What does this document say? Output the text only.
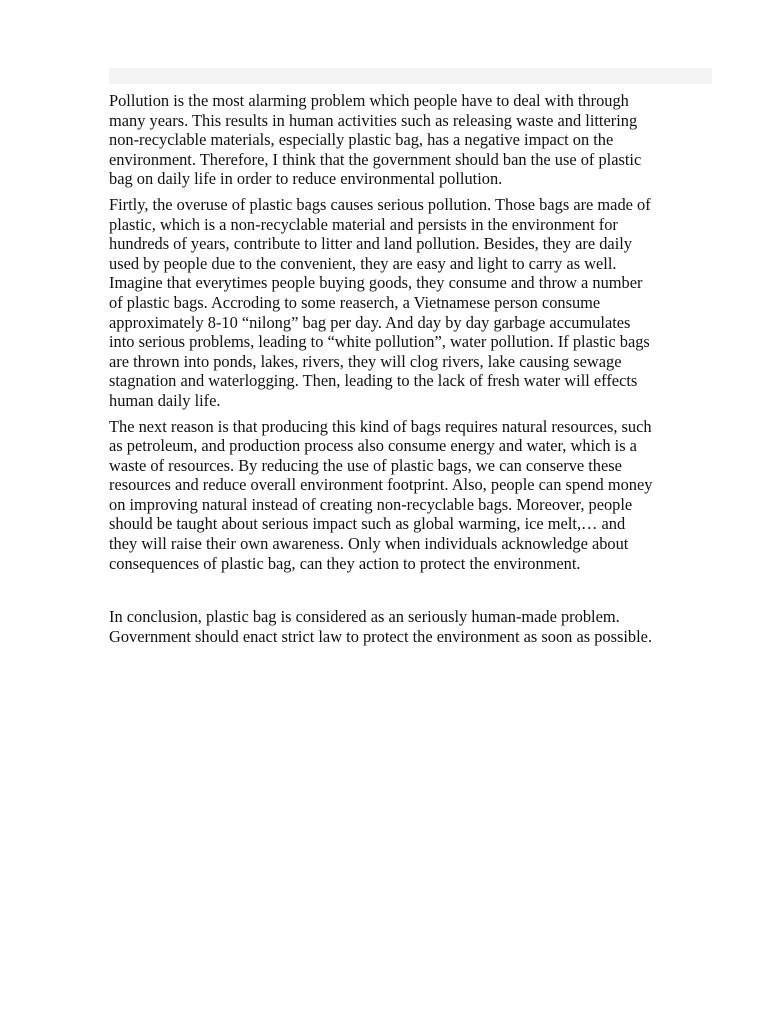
Pollution is the most alarming problem which people have to deal with through
many years. This results in human activities such as releasing waste and littering
non-recyclable materials, especially plastic bag, has a negative impact on the
environment. Therefore, I think that the government should ban the use of plastic
bag on daily life in order to reduce environmental pollution.

Firtly, the overuse of plastic bags causes serious pollution. Those bags are made of
plastic, which is a non-recyclable material and persists in the environment for
hundreds of years, contribute to litter and land pollution. Besides, they are daily
used by people due to the convenient, they are easy and light to carry as well.
Imagine that everytimes people buying goods, they consume and throw a number
of plastic bags. Accroding to some reaserch, a Vietnamese person consume
approximately 8-10 “nilong” bag per day. And day by day garbage accumulates
into serious problems, leading to “white pollution”, water pollution. If plastic bags
are thrown into ponds, lakes, rivers, they will clog rivers, lake causing sewage
stagnation and waterlogging. Then, leading to the lack of fresh water will effects
human daily life.

The next reason is that producing this kind of bags requires natural resources, such
as petroleum, and production process also consume energy and water, which is a
waste of resources. By reducing the use of plastic bags, we can conserve these
resources and reduce overall environment footprint. Also, people can spend money
on improving natural instead of creating non-recyclable bags. Moreover, people
should be taught about serious impact such as global warming, ice melt,… and
they will raise their own awareness. Only when individuals acknowledge about
consequences of plastic bag, can they action to protect the environment.

In conclusion, plastic bag is considered as an seriously human-made problem.
Government should enact strict law to protect the environment as soon as possible.
